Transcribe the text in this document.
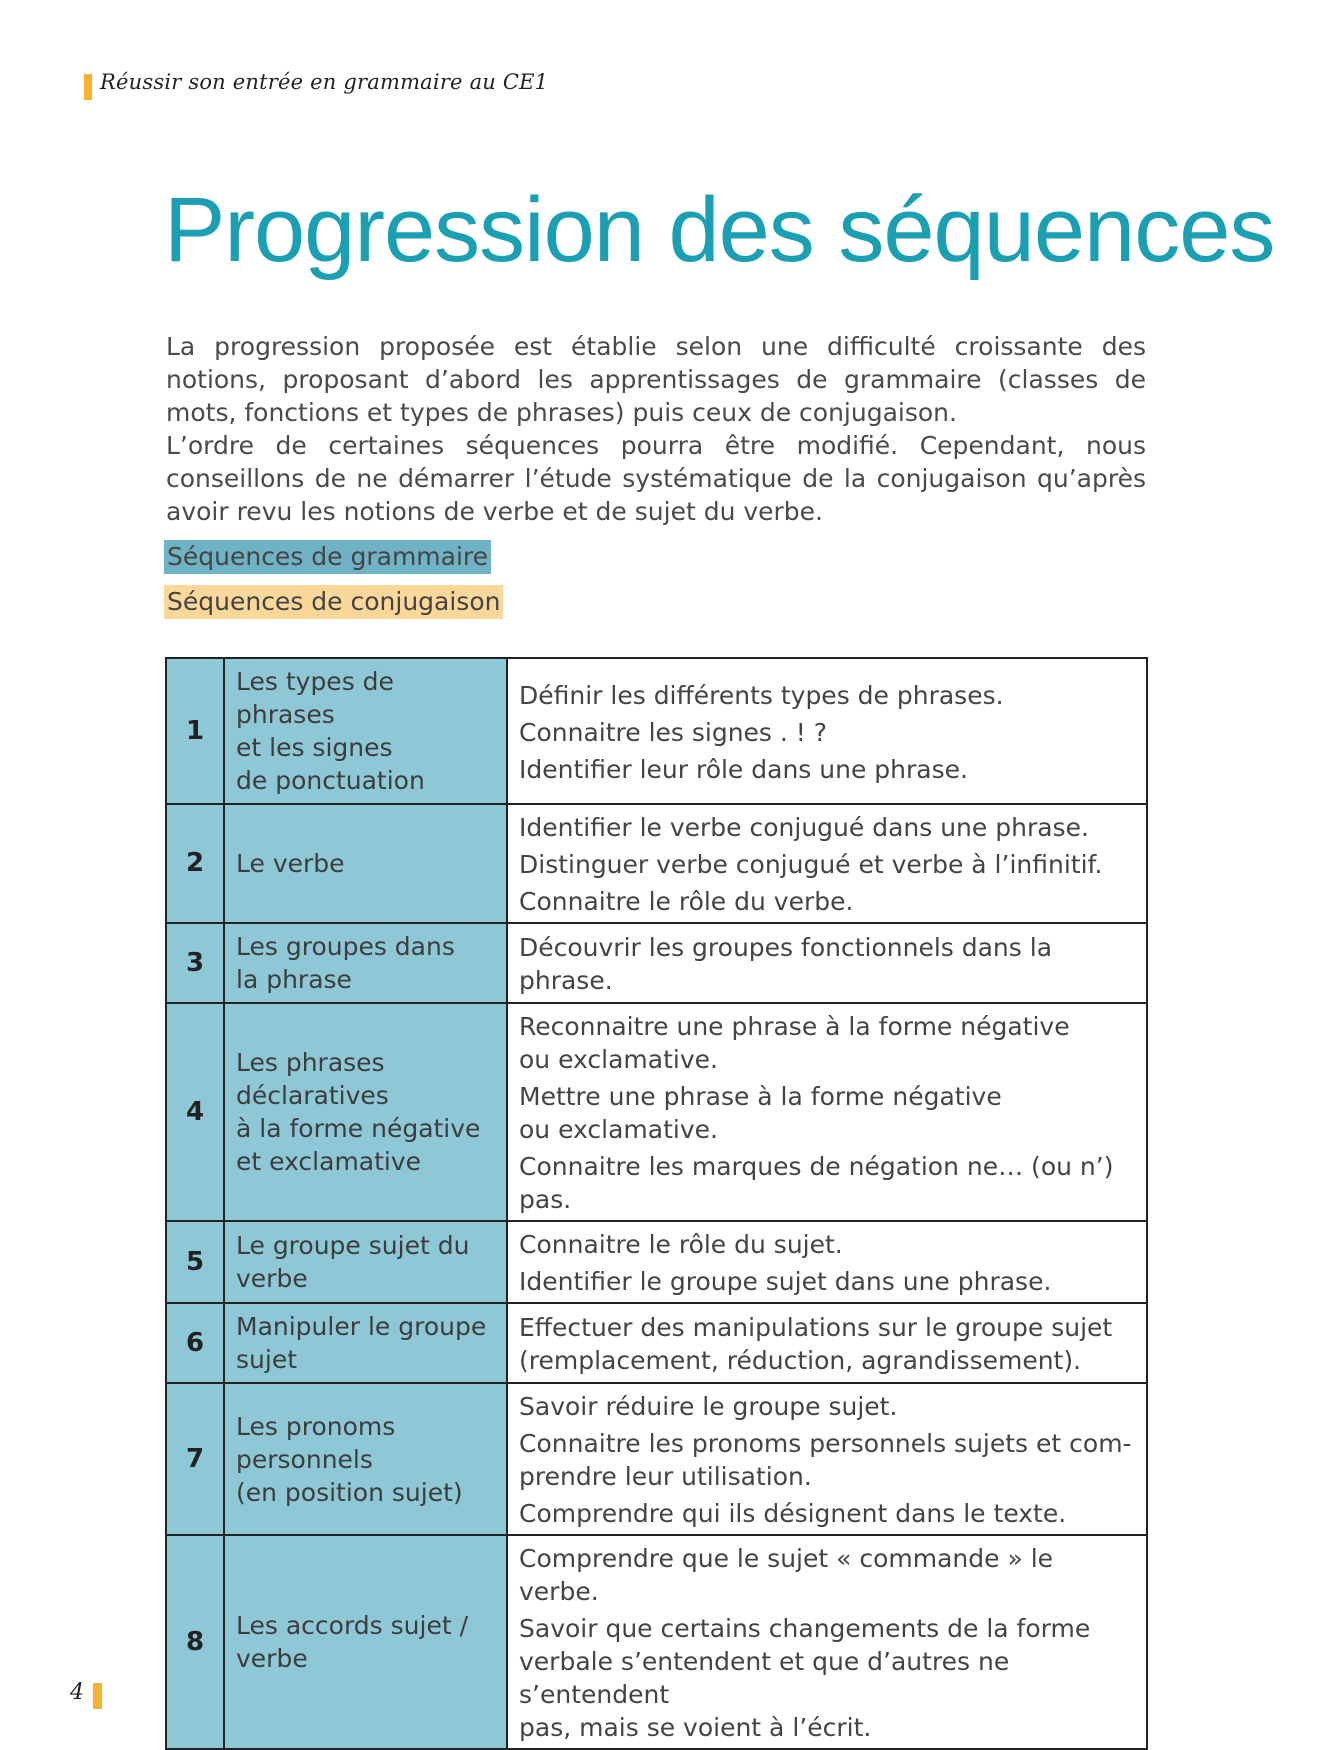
Réussir son entrée en grammaire au CE1
Progression des séquences

La progression proposée est établie selon une difficulté croissante des notions, proposant d’abord les apprentissages de grammaire (classes de mots, fonctions et types de phrases) puis ceux de conjugaison.

L’ordre de certaines séquences pourra être modifié. Cependant, nous conseillons de ne démarrer l’étude systématique de la conjugaison qu’après avoir revu les notions de verbe et de sujet du verbe.

Séquences de grammaire
Séquences de conjugaison
1	Les types de phrases
et les signes
de ponctuation	Définir les différents types de phrases.
Connaitre les signes . ! ?
Identifier leur rôle dans une phrase.

2	Le verbe	Identifier le verbe conjugué dans une phrase.
Distinguer verbe conjugué et verbe à l’infinitif.
Connaitre le rôle du verbe.

3	Les groupes dans
la phrase	Découvrir les groupes fonctionnels dans la phrase.

4	Les phrases
déclaratives
à la forme négative
et exclamative	Reconnaitre une phrase à la forme négative
ou exclamative.
Mettre une phrase à la forme négative
ou exclamative.
Connaitre les marques de négation ne… (ou n’) pas.

5	Le groupe sujet du
verbe	Connaitre le rôle du sujet.
Identifier le groupe sujet dans une phrase.

6	Manipuler le groupe
sujet	Effectuer des manipulations sur le groupe sujet
(remplacement, réduction, agrandissement).

7	Les pronoms
personnels
(en position sujet)	Savoir réduire le groupe sujet.
Connaitre les pronoms personnels sujets et com-
prendre leur utilisation.
Comprendre qui ils désignent dans le texte.

8	Les accords sujet /
verbe	Comprendre que le sujet « commande » le verbe.
Savoir que certains changements de la forme
verbale s’entendent et que d’autres ne s’entendent
pas, mais se voient à l’écrit.
4
